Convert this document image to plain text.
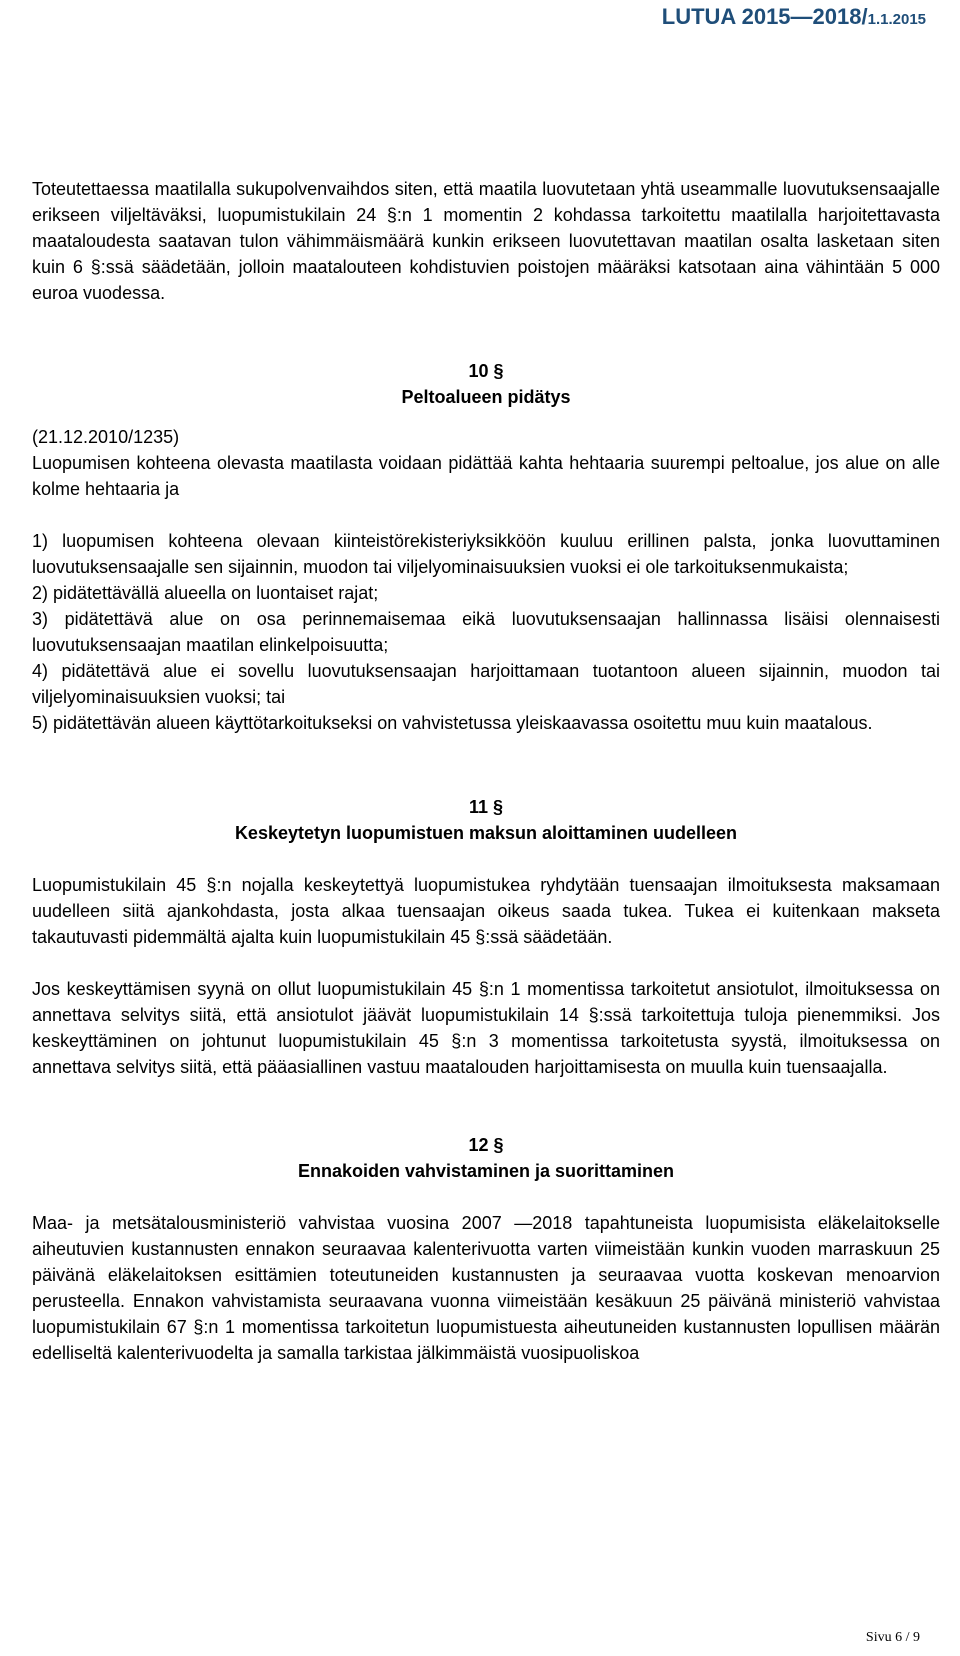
LUTUA 2015—2018/1.1.2015

Toteutettaessa maatilalla sukupolvenvaihdos siten, että maatila luovutetaan yhtä useammalle luovutuksensaajalle erikseen viljeltäväksi, luopumistukilain 24 §:n 1 momentin 2 kohdassa tarkoitettu maatilalla harjoitettavasta maataloudesta saatavan tulon vähimmäismäärä kunkin erikseen luovutettavan maatilan osalta lasketaan siten kuin 6 §:ssä säädetään, jolloin maatalouteen kohdistuvien poistojen määräksi katsotaan aina vähintään 5 000 euroa vuodessa.

10 §
Peltoalueen pidätys

(21.12.2010/1235)

Luopumisen kohteena olevasta maatilasta voidaan pidättää kahta hehtaaria suurempi peltoalue, jos alue on alle kolme hehtaaria ja

1) luopumisen kohteena olevaan kiinteistörekisteriyksikköön kuuluu erillinen palsta, jonka luovuttaminen luovutuksensaajalle sen sijainnin, muodon tai viljelyominaisuuksien vuoksi ei ole tarkoituksenmukaista;

2) pidätettävällä alueella on luontaiset rajat;

3) pidätettävä alue on osa perinnemaisemaa eikä luovutuksensaajan hallinnassa lisäisi olennaisesti luovutuksensaajan maatilan elinkelpoisuutta;

4) pidätettävä alue ei sovellu luovutuksensaajan harjoittamaan tuotantoon alueen sijainnin, muodon tai viljelyominaisuuksien vuoksi; tai

5) pidätettävän alueen käyttötarkoitukseksi on vahvistetussa yleiskaavassa osoitettu muu kuin maatalous.

11 §
Keskeytetyn luopumistuen maksun aloittaminen uudelleen

Luopumistukilain 45 §:n nojalla keskeytettyä luopumistukea ryhdytään tuensaajan ilmoituksesta maksamaan uudelleen siitä ajankohdasta, josta alkaa tuensaajan oikeus saada tukea. Tukea ei kuitenkaan makseta takautuvasti pidemmältä ajalta kuin luopumistukilain 45 §:ssä säädetään.

Jos keskeyttämisen syynä on ollut luopumistukilain 45 §:n 1 momentissa tarkoitetut ansiotulot, ilmoituksessa on annettava selvitys siitä, että ansiotulot jäävät luopumistukilain 14 §:ssä tarkoitettuja tuloja pienemmiksi. Jos keskeyttäminen on johtunut luopumistukilain 45 §:n 3 momentissa tarkoitetusta syystä, ilmoituksessa on annettava selvitys siitä, että pääasiallinen vastuu maatalouden harjoittamisesta on muulla kuin tuensaajalla.

12 §
Ennakoiden vahvistaminen ja suorittaminen

Maa- ja metsätalousministeriö vahvistaa vuosina 2007 —2018 tapahtuneista luopumisista eläkelaitokselle aiheutuvien kustannusten ennakon seuraavaa kalenterivuotta varten viimeistään kunkin vuoden marraskuun 25 päivänä eläkelaitoksen esittämien toteutuneiden kustannusten ja seuraavaa vuotta koskevan menoarvion perusteella. Ennakon vahvistamista seuraavana vuonna viimeistään kesäkuun 25 päivänä ministeriö vahvistaa luopumistukilain 67 §:n 1 momentissa tarkoitetun luopumistuesta aiheutuneiden kustannusten lopullisen määrän edelliseltä kalenterivuodelta ja samalla tarkistaa jälkimmäistä vuosipuoliskoa

Sivu 6 / 9
